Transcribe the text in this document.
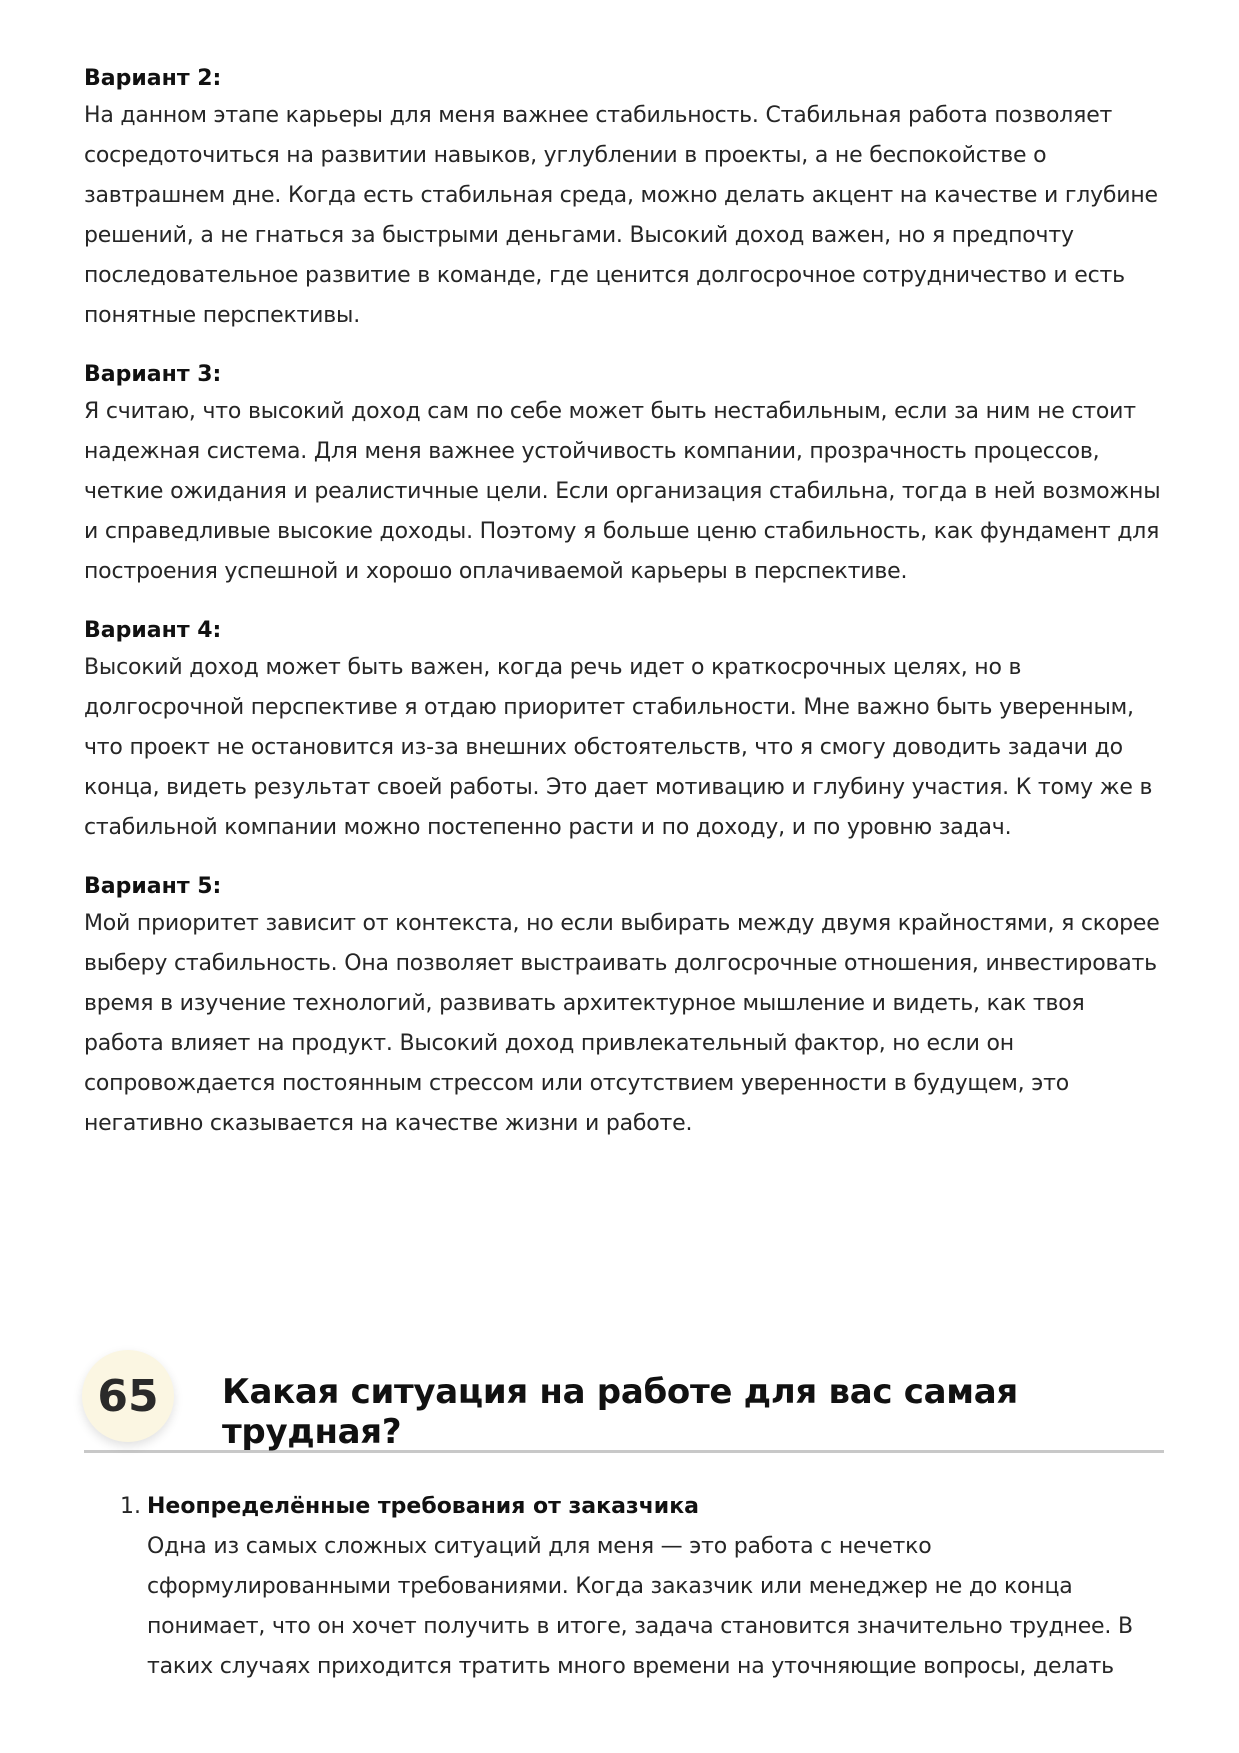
Вариант 2:

На данном этапе карьеры для меня важнее стабильность. Стабильная работа позволяет сосредоточиться на развитии навыков, углублении в проекты, а не беспокойстве о завтрашнем дне. Когда есть стабильная среда, можно делать акцент на качестве и глубине решений, а не гнаться за быстрыми деньгами. Высокий доход важен, но я предпочту последовательное развитие в команде, где ценится долгосрочное сотрудничество и есть понятные перспективы.

Вариант 3:

Я считаю, что высокий доход сам по себе может быть нестабильным, если за ним не стоит надежная система. Для меня важнее устойчивость компании, прозрачность процессов, четкие ожидания и реалистичные цели. Если организация стабильна, тогда в ней возможны и справедливые высокие доходы. Поэтому я больше ценю стабильность, как фундамент для построения успешной и хорошо оплачиваемой карьеры в перспективе.

Вариант 4:

Высокий доход может быть важен, когда речь идет о краткосрочных целях, но в долгосрочной перспективе я отдаю приоритет стабильности. Мне важно быть уверенным, что проект не остановится из-за внешних обстоятельств, что я смогу доводить задачи до конца, видеть результат своей работы. Это дает мотивацию и глубину участия. К тому же в стабильной компании можно постепенно расти и по доходу, и по уровню задач.

Вариант 5:

Мой приоритет зависит от контекста, но если выбирать между двумя крайностями, я скорее выберу стабильность. Она позволяет выстраивать долгосрочные отношения, инвестировать время в изучение технологий, развивать архитектурное мышление и видеть, как твоя работа влияет на продукт. Высокий доход привлекательный фактор, но если он сопровождается постоянным стрессом или отсутствием уверенности в будущем, это негативно сказывается на качестве жизни и работе.

65	Какая ситуация на работе для вас самая трудная?
1. Неопределённые требования от заказчика

Одна из самых сложных ситуаций для меня — это работа с нечетко сформулированными требованиями. Когда заказчик или менеджер не до конца понимает, что он хочет получить в итоге, задача становится значительно труднее. В таких случаях приходится тратить много времени на уточняющие вопросы, делать
